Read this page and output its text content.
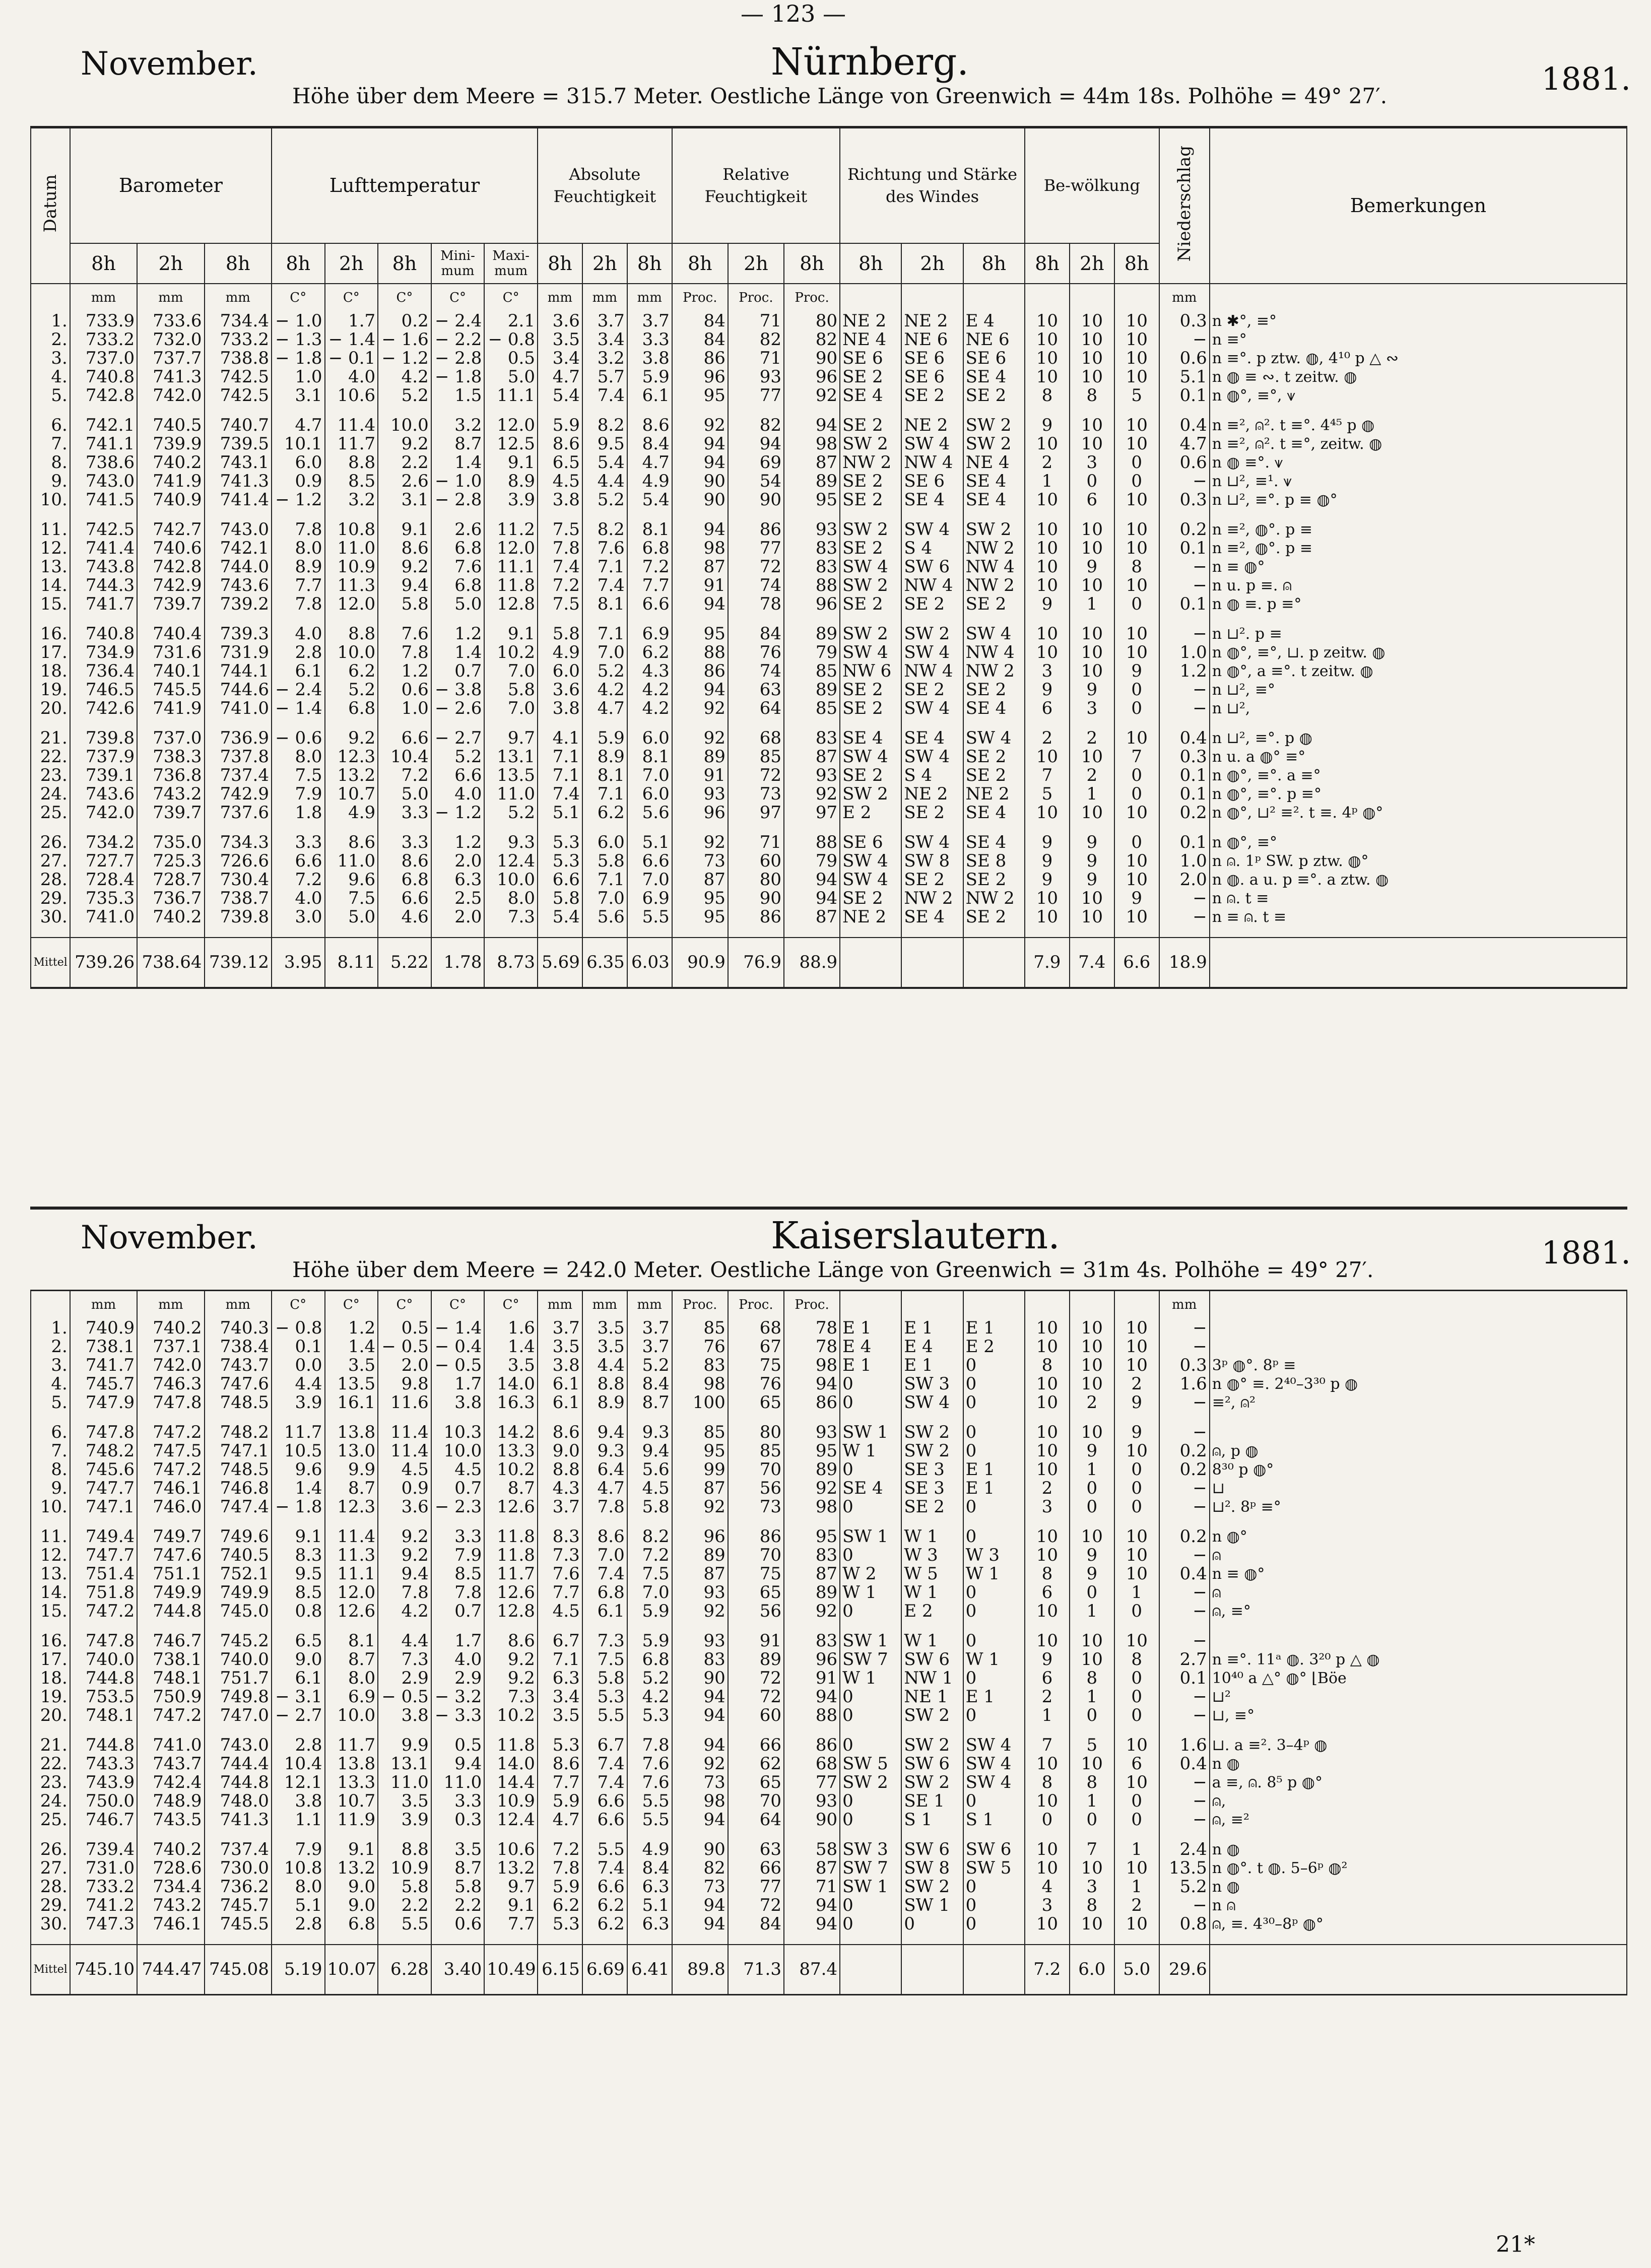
— 123 —
November.	Nürnberg.	1881.
Höhe über dem Meere = 315.7 Meter. Oestliche Länge von Greenwich = 44m 18s. Polhöhe = 49° 27′.
Datum	Barometer			Lufttemperatur					Absolute Feuchtigkeit			Relative Feuchtigkeit			Richtung und Stärke des Windes			Be-wölkung			Niederschlag	Bemerkungen
	8h	2h	8h	8h	2h	8h	Mini-mum	Maxi-mum	8h	2h	8h	8h	2h	8h	8h	2h	8h	8h	2h	8h		
	mm	mm	mm	C°	C°	C°	C°	C°	mm	mm	mm	Proc.	Proc.	Proc.							mm	
1.	733.9	733.6	734.4	− 1.0	1.7	0.2	− 2.4	2.1	3.6	3.7	3.7	84	71	80	NE 2	NE 2	E 4	10	10	10	0.3	n ✱°, ≡°
2.	733.2	732.0	733.2	− 1.3	− 1.4	− 1.6	− 2.2	− 0.8	3.5	3.4	3.3	84	82	82	NE 4	NE 6	NE 6	10	10	10	−	n ≡°
3.	737.0	737.7	738.8	− 1.8	− 0.1	− 1.2	− 2.8	0.5	3.4	3.2	3.8	86	71	90	SE 6	SE 6	SE 6	10	10	10	0.6	n ≡°. p ztw. ◍, 4¹⁰ p △ ∾
4.	740.8	741.3	742.5	1.0	4.0	4.2	− 1.8	5.0	4.7	5.7	5.9	96	93	96	SE 2	SE 6	SE 4	10	10	10	5.1	n ◍ ≡ ∾. t zeitw. ◍
5.	742.8	742.0	742.5	3.1	10.6	5.2	1.5	11.1	5.4	7.4	6.1	95	77	92	SE 4	SE 2	SE 2	8	8	5	0.1	n ◍°, ≡°, ⩛

6.	742.1	740.5	740.7	4.7	11.4	10.0	3.2	12.0	5.9	8.2	8.6	92	82	94	SE 2	NE 2	SW 2	9	10	10	0.4	n ≡², ⍝². t ≡°. 4⁴⁵ p ◍
7.	741.1	739.9	739.5	10.1	11.7	9.2	8.7	12.5	8.6	9.5	8.4	94	94	98	SW 2	SW 4	SW 2	10	10	10	4.7	n ≡², ⍝². t ≡°, zeitw. ◍
8.	738.6	740.2	743.1	6.0	8.8	2.2	1.4	9.1	6.5	5.4	4.7	94	69	87	NW 2	NW 4	NE 4	2	3	0	0.6	n ◍ ≡°. ⩛
9.	743.0	741.9	741.3	0.9	8.5	2.6	− 1.0	8.9	4.5	4.4	4.9	90	54	89	SE 2	SE 6	SE 4	1	0	0	−	n ⊔², ≡¹. ⩛
10.	741.5	740.9	741.4	− 1.2	3.2	3.1	− 2.8	3.9	3.8	5.2	5.4	90	90	95	SE 2	SE 4	SE 4	10	6	10	0.3	n ⊔², ≡°. p ≡ ◍°

11.	742.5	742.7	743.0	7.8	10.8	9.1	2.6	11.2	7.5	8.2	8.1	94	86	93	SW 2	SW 4	SW 2	10	10	10	0.2	n ≡², ◍°. p ≡
12.	741.4	740.6	742.1	8.0	11.0	8.6	6.8	12.0	7.8	7.6	6.8	98	77	83	SE 2	S 4	NW 2	10	10	10	0.1	n ≡², ◍°. p ≡
13.	743.8	742.8	744.0	8.9	10.9	9.2	7.6	11.1	7.4	7.1	7.2	87	72	83	SW 4	SW 6	NW 4	10	9	8	−	n ≡ ◍°
14.	744.3	742.9	743.6	7.7	11.3	9.4	6.8	11.8	7.2	7.4	7.7	91	74	88	SW 2	NW 4	NW 2	10	10	10	−	n u. p ≡. ⍝
15.	741.7	739.7	739.2	7.8	12.0	5.8	5.0	12.8	7.5	8.1	6.6	94	78	96	SE 2	SE 2	SE 2	9	1	0	0.1	n ◍ ≡. p ≡°

16.	740.8	740.4	739.3	4.0	8.8	7.6	1.2	9.1	5.8	7.1	6.9	95	84	89	SW 2	SW 2	SW 4	10	10	10	−	n ⊔². p ≡
17.	734.9	731.6	731.9	2.8	10.0	7.8	1.4	10.2	4.9	7.0	6.2	88	76	79	SW 4	SW 4	NW 4	10	10	10	1.0	n ◍°, ≡°, ⊔. p zeitw. ◍
18.	736.4	740.1	744.1	6.1	6.2	1.2	0.7	7.0	6.0	5.2	4.3	86	74	85	NW 6	NW 4	NW 2	3	10	9	1.2	n ◍°, a ≡°. t zeitw. ◍
19.	746.5	745.5	744.6	− 2.4	5.2	0.6	− 3.8	5.8	3.6	4.2	4.2	94	63	89	SE 2	SE 2	SE 2	9	9	0	−	n ⊔², ≡°
20.	742.6	741.9	741.0	− 1.4	6.8	1.0	− 2.6	7.0	3.8	4.7	4.2	92	64	85	SE 2	SW 4	SE 4	6	3	0	−	n ⊔²,

21.	739.8	737.0	736.9	− 0.6	9.2	6.6	− 2.7	9.7	4.1	5.9	6.0	92	68	83	SE 4	SE 4	SW 4	2	2	10	0.4	n ⊔², ≡°. p ◍
22.	737.9	738.3	737.8	8.0	12.3	10.4	5.2	13.1	7.1	8.9	8.1	89	85	87	SW 4	SW 4	SE 2	10	10	7	0.3	n u. a ◍° ≡°
23.	739.1	736.8	737.4	7.5	13.2	7.2	6.6	13.5	7.1	8.1	7.0	91	72	93	SE 2	S 4	SE 2	7	2	0	0.1	n ◍°, ≡°. a ≡°
24.	743.6	743.2	742.9	7.9	10.7	5.0	4.0	11.0	7.4	7.1	6.0	93	73	92	SW 2	NE 2	NE 2	5	1	0	0.1	n ◍°, ≡°. p ≡°
25.	742.0	739.7	737.6	1.8	4.9	3.3	− 1.2	5.2	5.1	6.2	5.6	96	97	97	E 2	SE 2	SE 4	10	10	10	0.2	n ◍°, ⊔² ≡². t ≡. 4ᵖ ◍°

26.	734.2	735.0	734.3	3.3	8.6	3.3	1.2	9.3	5.3	6.0	5.1	92	71	88	SE 6	SW 4	SE 4	9	9	0	0.1	n ◍°, ≡°
27.	727.7	725.3	726.6	6.6	11.0	8.6	2.0	12.4	5.3	5.8	6.6	73	60	79	SW 4	SW 8	SE 8	9	9	10	1.0	n ⍝. 1ᵖ SW. p ztw. ◍°
28.	728.4	728.7	730.4	7.2	9.6	6.8	6.3	10.0	6.6	7.1	7.0	87	80	94	SW 4	SE 2	SE 2	9	9	10	2.0	n ◍. a u. p ≡°. a ztw. ◍
29.	735.3	736.7	738.7	4.0	7.5	6.6	2.5	8.0	5.8	7.0	6.9	95	90	94	SE 2	NW 2	NW 2	10	10	9	−	n ⍝. t ≡
30.	741.0	740.2	739.8	3.0	5.0	4.6	2.0	7.3	5.4	5.6	5.5	95	86	87	NE 2	SE 4	SE 2	10	10	10	−	n ≡ ⍝. t ≡

Mittel	739.26	738.64	739.12	3.95	8.11	5.22	1.78	8.73	5.69	6.35	6.03	90.9	76.9	88.9				7.9	7.4	6.6	18.9	
November.	Kaiserslautern.	1881.
Höhe über dem Meere = 242.0 Meter. Oestliche Länge von Greenwich = 31m 4s. Polhöhe = 49° 27′.
	mm	mm	mm	C°	C°	C°	C°	C°	mm	mm	mm	Proc.	Proc.	Proc.							mm	
1.	740.9	740.2	740.3	− 0.8	1.2	0.5	− 1.4	1.6	3.7	3.5	3.7	85	68	78	E 1	E 1	E 1	10	10	10	−	
2.	738.1	737.1	738.4	0.1	1.4	− 0.5	− 0.4	1.4	3.5	3.5	3.7	76	67	78	E 4	E 4	E 2	10	10	10	−	
3.	741.7	742.0	743.7	0.0	3.5	2.0	− 0.5	3.5	3.8	4.4	5.2	83	75	98	E 1	E 1	0	8	10	10	0.3	3ᵖ ◍°. 8ᵖ ≡
4.	745.7	746.3	747.6	4.4	13.5	9.8	1.7	14.0	6.1	8.8	8.4	98	76	94	0	SW 3	0	10	10	2	1.6	n ◍° ≡. 2⁴⁰–3³⁰ p ◍
5.	747.9	747.8	748.5	3.9	16.1	11.6	3.8	16.3	6.1	8.9	8.7	100	65	86	0	SW 4	0	10	2	9	−	≡², ⍝²

6.	747.8	747.2	748.2	11.7	13.8	11.4	10.3	14.2	8.6	9.4	9.3	85	80	93	SW 1	SW 2	0	10	10	9	−	
7.	748.2	747.5	747.1	10.5	13.0	11.4	10.0	13.3	9.0	9.3	9.4	95	85	95	W 1	SW 2	0	10	9	10	0.2	⍝, p ◍
8.	745.6	747.2	748.5	9.6	9.9	4.5	4.5	10.2	8.8	6.4	5.6	99	70	89	0	SE 3	E 1	10	1	0	0.2	8³⁰ p ◍°
9.	747.7	746.1	746.8	1.4	8.7	0.9	0.7	8.7	4.3	4.7	4.5	87	56	92	SE 4	SE 3	E 1	2	0	0	−	⊔
10.	747.1	746.0	747.4	− 1.8	12.3	3.6	− 2.3	12.6	3.7	7.8	5.8	92	73	98	0	SE 2	0	3	0	0	−	⊔². 8ᵖ ≡°

11.	749.4	749.7	749.6	9.1	11.4	9.2	3.3	11.8	8.3	8.6	8.2	96	86	95	SW 1	W 1	0	10	10	10	0.2	n ◍°
12.	747.7	747.6	740.5	8.3	11.3	9.2	7.9	11.8	7.3	7.0	7.2	89	70	83	0	W 3	W 3	10	9	10	−	⍝
13.	751.4	751.1	752.1	9.5	11.1	9.4	8.5	11.7	7.6	7.4	7.5	87	75	87	W 2	W 5	W 1	8	9	10	0.4	n ≡ ◍°
14.	751.8	749.9	749.9	8.5	12.0	7.8	7.8	12.6	7.7	6.8	7.0	93	65	89	W 1	W 1	0	6	0	1	−	⍝
15.	747.2	744.8	745.0	0.8	12.6	4.2	0.7	12.8	4.5	6.1	5.9	92	56	92	0	E 2	0	10	1	0	−	⍝, ≡°

16.	747.8	746.7	745.2	6.5	8.1	4.4	1.7	8.6	6.7	7.3	5.9	93	91	83	SW 1	W 1	0	10	10	10	−	
17.	740.0	738.1	740.0	9.0	8.7	7.3	4.0	9.2	7.1	7.5	6.8	83	89	96	SW 7	SW 6	W 1	9	10	8	2.7	n ≡°. 11ᵃ ◍. 3²⁰ p △ ◍
18.	744.8	748.1	751.7	6.1	8.0	2.9	2.9	9.2	6.3	5.8	5.2	90	72	91	W 1	NW 1	0	6	8	0	0.1	10⁴⁰ a △° ◍° ⌊Böe
19.	753.5	750.9	749.8	− 3.1	6.9	− 0.5	− 3.2	7.3	3.4	5.3	4.2	94	72	94	0	NE 1	E 1	2	1	0	−	⊔²
20.	748.1	747.2	747.0	− 2.7	10.0	3.8	− 3.3	10.2	3.5	5.5	5.3	94	60	88	0	SW 2	0	1	0	0	−	⊔, ≡°

21.	744.8	741.0	743.0	2.8	11.7	9.9	0.5	11.8	5.3	6.7	7.8	94	66	86	0	SW 2	SW 4	7	5	10	1.6	⊔. a ≡². 3–4ᵖ ◍
22.	743.3	743.7	744.4	10.4	13.8	13.1	9.4	14.0	8.6	7.4	7.6	92	62	68	SW 5	SW 6	SW 4	10	10	6	0.4	n ◍
23.	743.9	742.4	744.8	12.1	13.3	11.0	11.0	14.4	7.7	7.4	7.6	73	65	77	SW 2	SW 2	SW 4	8	8	10	−	a ≡, ⍝. 8⁵ p ◍°
24.	750.0	748.9	748.0	3.8	10.7	3.5	3.3	10.9	5.9	6.6	5.5	98	70	93	0	SE 1	0	10	1	0	−	⍝,
25.	746.7	743.5	741.3	1.1	11.9	3.9	0.3	12.4	4.7	6.6	5.5	94	64	90	0	S 1	S 1	0	0	0	−	⍝, ≡²

26.	739.4	740.2	737.4	7.9	9.1	8.8	3.5	10.6	7.2	5.5	4.9	90	63	58	SW 3	SW 6	SW 6	10	7	1	2.4	n ◍
27.	731.0	728.6	730.0	10.8	13.2	10.9	8.7	13.2	7.8	7.4	8.4	82	66	87	SW 7	SW 8	SW 5	10	10	10	13.5	n ◍°. t ◍. 5–6ᵖ ◍²
28.	733.2	734.4	736.2	8.0	9.0	5.8	5.8	9.7	5.9	6.6	6.3	73	77	71	SW 1	SW 2	0	4	3	1	5.2	n ◍
29.	741.2	743.2	745.7	5.1	9.0	2.2	2.2	9.1	6.2	6.2	5.1	94	72	94	0	SW 1	0	3	8	2	−	n ⍝
30.	747.3	746.1	745.5	2.8	6.8	5.5	0.6	7.7	5.3	6.2	6.3	94	84	94	0	0	0	10	10	10	0.8	⍝, ≡. 4³⁰–8ᵖ ◍°

Mittel	745.10	744.47	745.08	5.19	10.07	6.28	3.40	10.49	6.15	6.69	6.41	89.8	71.3	87.4				7.2	6.0	5.0	29.6	
21*
